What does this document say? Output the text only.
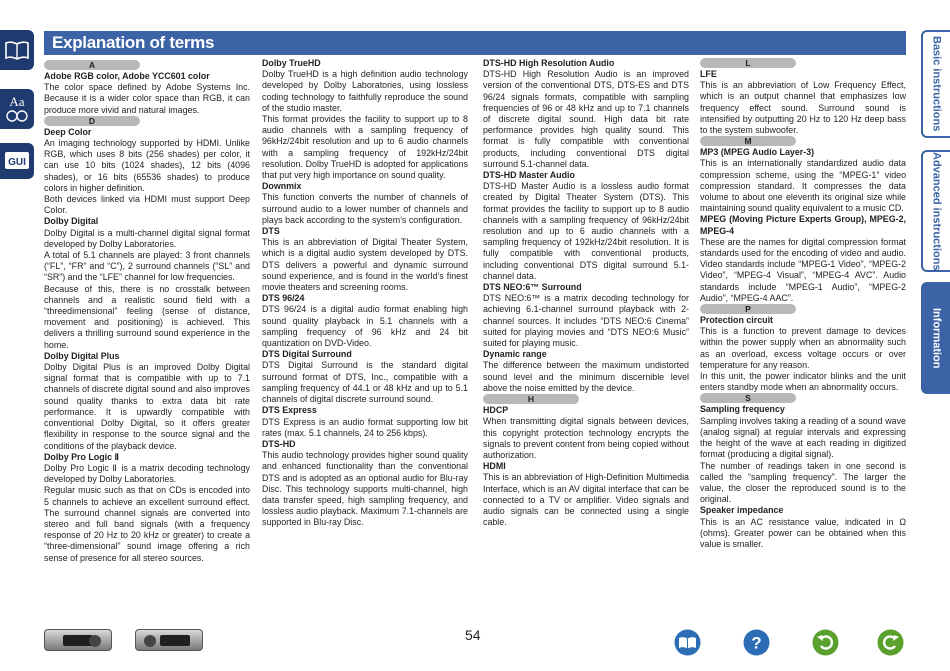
Aa
GUI
Explanation of terms	Basic instructions
Advanced instructions
Information
A
Adobe RGB color, Adobe YCC601 color
The color space defined by Adobe Systems Inc. Because it is a wider color space than RGB, it can produce more vivid and natural images.
D
Deep Color
An imaging technology supported by HDMI. Unlike RGB, which uses 8 bits (256 shades) per color, it can use 10 bits (1024 shades), 12 bits (4096 shades), or 16 bits (65536 shades) to produce colors in higher definition.
Both devices linked via HDMI must support Deep Color.
Dolby Digital
Dolby Digital is a multi-channel digital signal format developed by Dolby Laboratories.
A total of 5.1 channels are played: 3 front channels (“FL”, “FR” and “C”), 2 surround channels (“SL” and “SR”) and the “LFE” channel for low frequencies.
Because of this, there is no crosstalk between channels and a realistic sound field with a “threedimensional” feeling (sense of distance, movement and positioning) is achieved. This delivers a thrilling surround sound experience in the home.
Dolby Digital Plus
Dolby Digital Plus is an improved Dolby Digital signal format that is compatible with up to 7.1 channels of discrete digital sound and also improves sound quality thanks to extra data bit rate performance. It is upwardly compatible with conventional Dolby Digital, so it offers greater flexibility in response to the source signal and the conditions of the playback device.
Dolby Pro Logic Ⅱ
Dolby Pro Logic Ⅱ is a matrix decoding technology developed by Dolby Laboratories.
Regular music such as that on CDs is encoded into 5 channels to achieve an excellent surround effect. The surround channel signals are converted into stereo and full band signals (with a frequency response of 20 Hz to 20 kHz or greater) to create a “three-dimensional” sound image offering a rich sense of presence for all stereo sources.
Dolby TrueHD
Dolby TrueHD is a high definition audio technology developed by Dolby Laboratories, using lossless coding technology to faithfully reproduce the sound of the studio master.
This format provides the facility to support up to 8 audio channels with a sampling frequency of 96kHz/24bit resolution and up to 6 audio channels with a sampling frequency of 192kHz/24bit resolution. Dolby TrueHD is adopted for applications that put very high importance on sound quality.
Downmix
This function converts the number of channels of surround audio to a lower number of channels and plays back according to the system’s configuration.
DTS
This is an abbreviation of Digital Theater System, which is a digital audio system developed by DTS. DTS delivers a powerful and dynamic surround sound experience, and is found in the world’s finest movie theaters and screening rooms.
DTS 96/24
DTS 96/24 is a digital audio format enabling high sound quality playback in 5.1 channels with a sampling frequency of 96 kHz and 24 bit quantization on DVD-Video.
DTS Digital Surround
DTS Digital Surround is the standard digital surround format of DTS, Inc., compatible with a sampling frequency of 44.1 or 48 kHz and up to 5.1 channels of digital discrete surround sound.
DTS Express
DTS Express is an audio format supporting low bit rates (max. 5.1 channels, 24 to 256 kbps).
DTS-HD
This audio technology provides higher sound quality and enhanced functionality than the conventional DTS and is adopted as an optional audio for Blu-ray Disc. This technology supports multi-channel, high data transfer speed, high sampling frequency, and lossless audio playback. Maximum 7.1-channels are supported in Blu-ray Disc.
DTS-HD High Resolution Audio
DTS-HD High Resolution Audio is an improved version of the conventional DTS, DTS-ES and DTS 96/24 signals formats, compatible with sampling frequencies of 96 or 48 kHz and up to 7.1 channels of discrete digital sound. High data bit rate performance provides high quality sound. This format is fully compatible with conventional products, including conventional DTS digital surround 5.1-channel data.
DTS-HD Master Audio
DTS-HD Master Audio is a lossless audio format created by Digital Theater System (DTS). This format provides the facility to support up to 8 audio channels with a sampling frequency of 96kHz/24bit resolution and up to 6 audio channels with a sampling frequency of 192kHz/24bit resolution. It is fully compatible with conventional products, including conventional DTS digital surround 5.1-channel data.
DTS NEO:6™ Surround
DTS NEO:6™ is a matrix decoding technology for achieving 6.1-channel surround playback with 2-channel sources. It includes “DTS NEO:6 Cinema” suited for playing movies and “DTS NEO:6 Music” suited for playing music.
Dynamic range
The difference between the maximum undistorted sound level and the minimum discernible level above the noise emitted by the device.
H
HDCP
When transmitting digital signals between devices, this copyright protection technology encrypts the signals to prevent content from being copied without authorization.
HDMI
This is an abbreviation of High-Definition Multimedia Interface, which is an AV digital interface that can be connected to a TV or amplifier. Video signals and audio signals can be connected using a single cable.
L
LFE
This is an abbreviation of Low Frequency Effect, which is an output channel that emphasizes low frequency effect sound. Surround sound is intensified by outputting 20 Hz to 120 Hz deep bass to the system subwoofer.
M
MP3 (MPEG Audio Layer-3)
This is an internationally standardized audio data compression scheme, using the “MPEG-1” video compression standard. It compresses the data volume to about one eleventh its original size while maintaining sound quality equivalent to a music CD.
MPEG (Moving Picture Experts Group), MPEG-2, MPEG-4
These are the names for digital compression format standards used for the encoding of video and audio. Video standards include “MPEG-1 Video”, “MPEG-2 Video”, “MPEG-4 Visual”, “MPEG-4 AVC”. Audio standards include “MPEG-1 Audio”, “MPEG-2 Audio”, “MPEG-4 AAC”.
P
Protection circuit
This is a function to prevent damage to devices within the power supply when an abnormality such as an overload, excess voltage occurs or over temperature for any reason.
In this unit, the power indicator blinks and the unit enters standby mode when an abnormality occurs.
S
Sampling frequency
Sampling involves taking a reading of a sound wave (analog signal) at regular intervals and expressing the height of the wave at each reading in digitized format (producing a digital signal).
The number of readings taken in one second is called the “sampling frequency”. The larger the value, the closer the reproduced sound is to the original.
Speaker impedance
This is an AC resistance value, indicated in Ω (ohms). Greater power can be obtained when this value is smaller.
54	?
